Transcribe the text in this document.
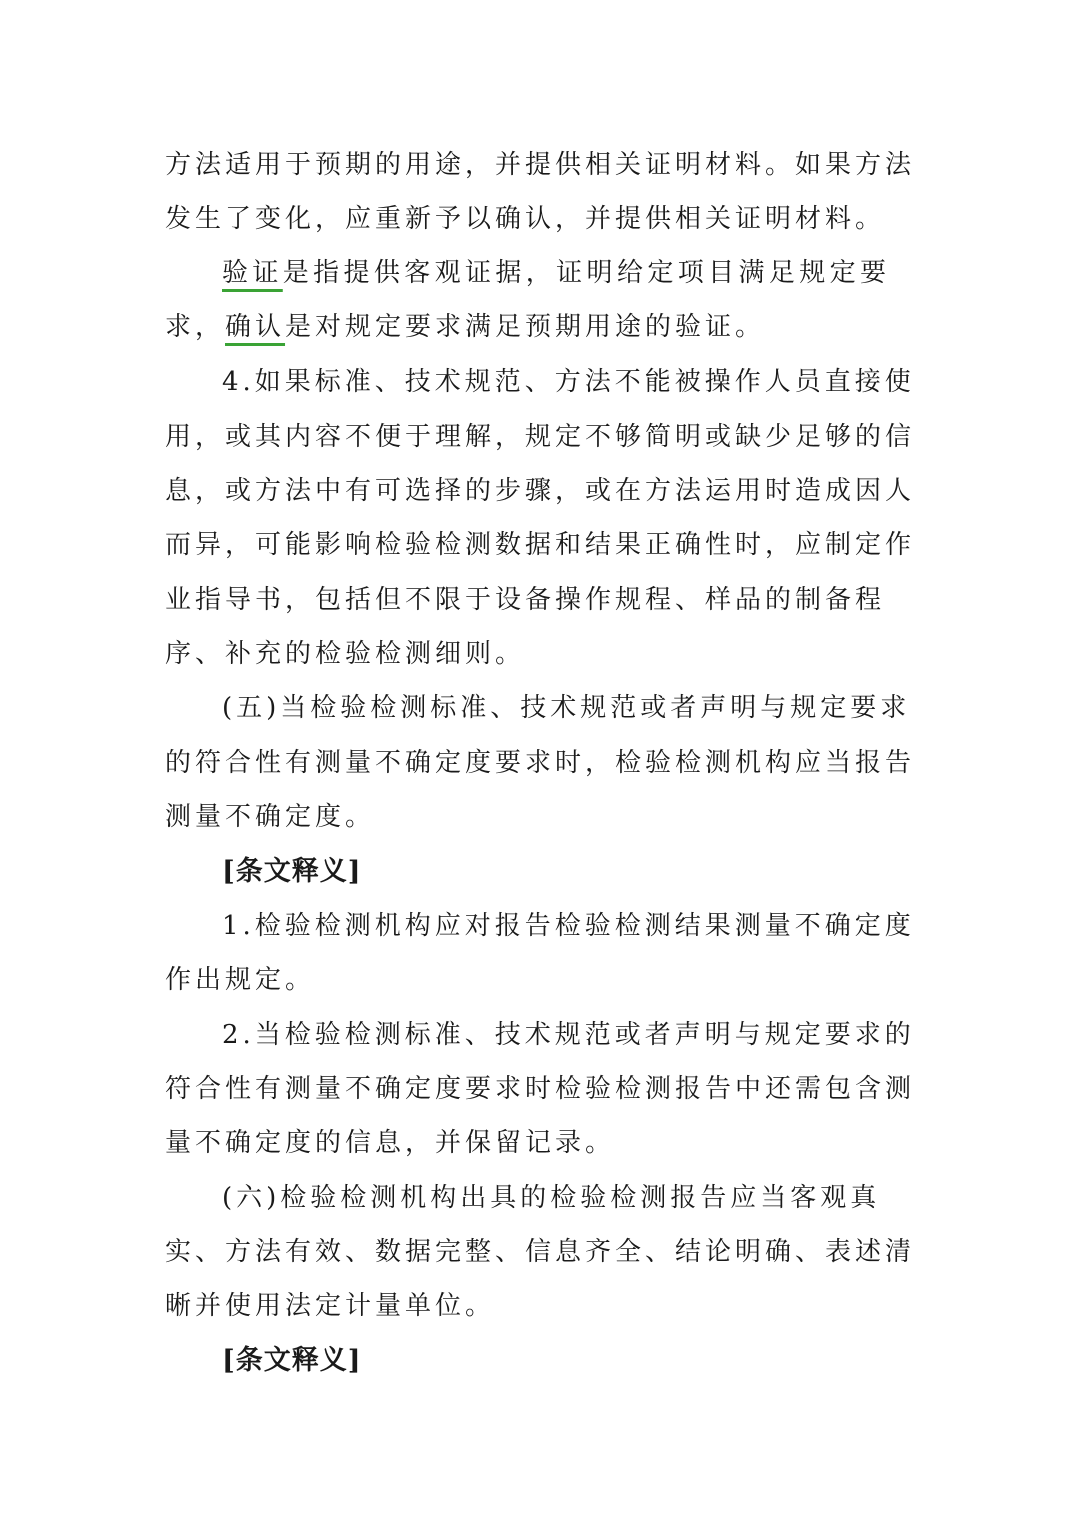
方法适用于预期的用途，并提供相关证明材料。如果方法
发生了变化，应重新予以确认，并提供相关证明材料。
验证是指提供客观证据，证明给定项目满足规定要
求，确认是对规定要求满足预期用途的验证。
4.如果标准、技术规范、方法不能被操作人员直接使
用，或其内容不便于理解，规定不够简明或缺少足够的信
息，或方法中有可选择的步骤，或在方法运用时造成因人
而异，可能影响检验检测数据和结果正确性时，应制定作
业指导书，包括但不限于设备操作规程、样品的制备程
序、补充的检验检测细则。
(五)当检验检测标准、技术规范或者声明与规定要求
的符合性有测量不确定度要求时，检验检测机构应当报告
测量不确定度。
[条文释义]
1.检验检测机构应对报告检验检测结果测量不确定度
作出规定。
2.当检验检测标准、技术规范或者声明与规定要求的
符合性有测量不确定度要求时检验检测报告中还需包含测
量不确定度的信息，并保留记录。
(六)检验检测机构出具的检验检测报告应当客观真
实、方法有效、数据完整、信息齐全、结论明确、表述清
晰并使用法定计量单位。
[条文释义]
